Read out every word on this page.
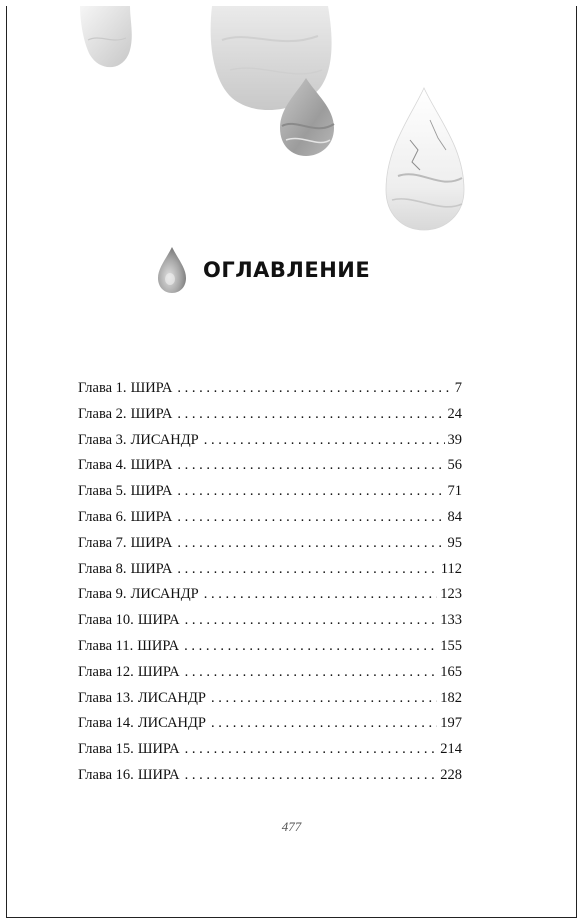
ОГЛАВЛЕНИЕ
Глава 1. ШИРА . . .	7
Глава 2. ШИРА . . .	24
Глава 3. ЛИСАНДР . . .	39
Глава 4. ШИРА . . .	56
Глава 5. ШИРА . . .	71
Глава 6. ШИРА . . .	84
Глава 7. ШИРА . . .	95
Глава 8. ШИРА . . .	112
Глава 9. ЛИСАНДР . . .	123
Глава 10. ШИРА . . .	133
Глава 11. ШИРА . . .	155
Глава 12. ШИРА . . .	165
Глава 13. ЛИСАНДР . . .	182
Глава 14. ЛИСАНДР . . .	197
Глава 15. ШИРА . . .	214
Глава 16. ШИРА . . .	228
477
